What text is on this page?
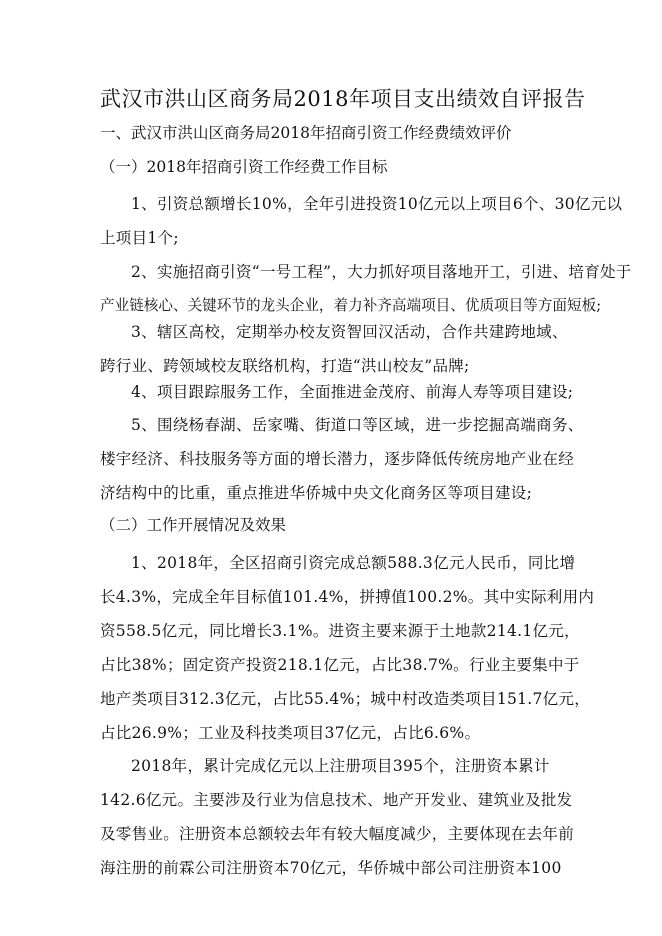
武汉市洪山区商务局2018年项目支出绩效自评报告
一、武汉市洪山区商务局2018年招商引资工作经费绩效评价
（一）2018年招商引资工作经费工作目标
1、引资总额增长10%，全年引进投资10亿元以上项目6个、30亿元以
上项目1个;
2、实施招商引资“一号工程”，大力抓好项目落地开工，引进、培育处于
产业链核心、关键环节的龙头企业，着力补齐高端项目、优质项目等方面短板;
3、辖区高校，定期举办校友资智回汉活动，合作共建跨地域、
跨行业、跨领域校友联络机构，打造“洪山校友”品牌;
4、项目跟踪服务工作，全面推进金茂府、前海人寿等项目建设;
5、围绕杨春湖、岳家嘴、街道口等区域，进一步挖掘高端商务、
楼宇经济、科技服务等方面的增长潜力，逐步降低传统房地产业在经
济结构中的比重，重点推进华侨城中央文化商务区等项目建设;
（二）工作开展情况及效果
1、2018年，全区招商引资完成总额588.3亿元人民币，同比增
长4.3%，完成全年目标值101.4%，拼搏值100.2%。其中实际利用内
资558.5亿元，同比增长3.1%。进资主要来源于土地款214.1亿元，
占比38%；固定资产投资218.1亿元，占比38.7%。行业主要集中于
地产类项目312.3亿元，占比55.4%；城中村改造类项目151.7亿元，
占比26.9%；工业及科技类项目37亿元，占比6.6%。
2018年，累计完成亿元以上注册项目395个，注册资本累计
142.6亿元。主要涉及行业为信息技术、地产开发业、建筑业及批发
及零售业。注册资本总额较去年有较大幅度减少，主要体现在去年前
海注册的前霖公司注册资本70亿元，华侨城中部公司注册资本100
